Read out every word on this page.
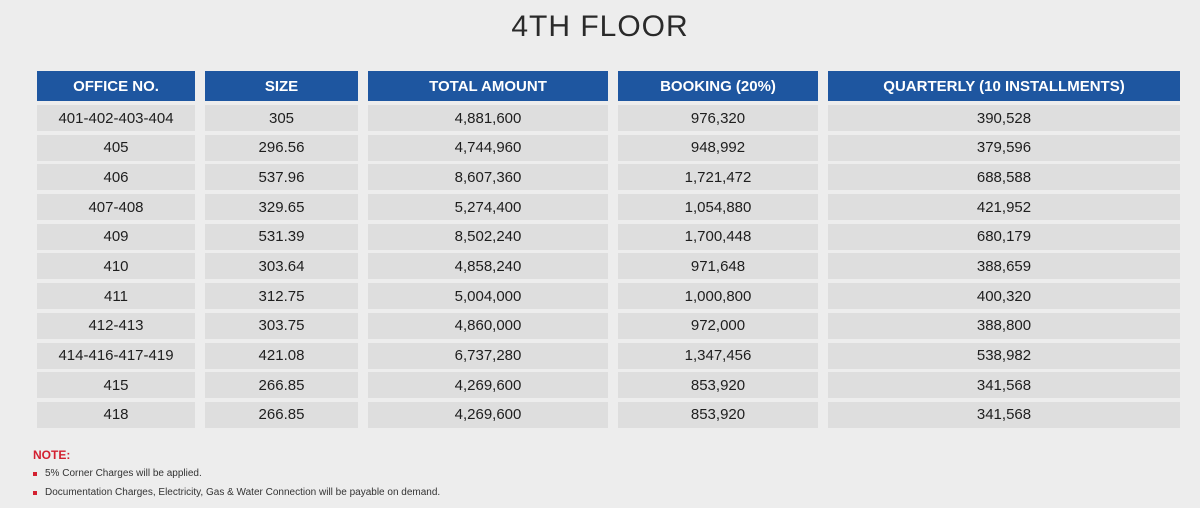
4TH FLOOR
OFFICE NO.	SIZE	TOTAL AMOUNT	BOOKING (20%)	QUARTERLY (10 INSTALLMENTS)
401-402-403-404	305	4,881,600	976,320	390,528
405	296.56	4,744,960	948,992	379,596
406	537.96	8,607,360	1,721,472	688,588
407-408	329.65	5,274,400	1,054,880	421,952
409	531.39	8,502,240	1,700,448	680,179
410	303.64	4,858,240	971,648	388,659
411	312.75	5,004,000	1,000,800	400,320
412-413	303.75	4,860,000	972,000	388,800
414-416-417-419	421.08	6,737,280	1,347,456	538,982
415	266.85	4,269,600	853,920	341,568
418	266.85	4,269,600	853,920	341,568
NOTE:
5% Corner Charges will be applied.
Documentation Charges, Electricity, Gas & Water Connection will be payable on demand.
